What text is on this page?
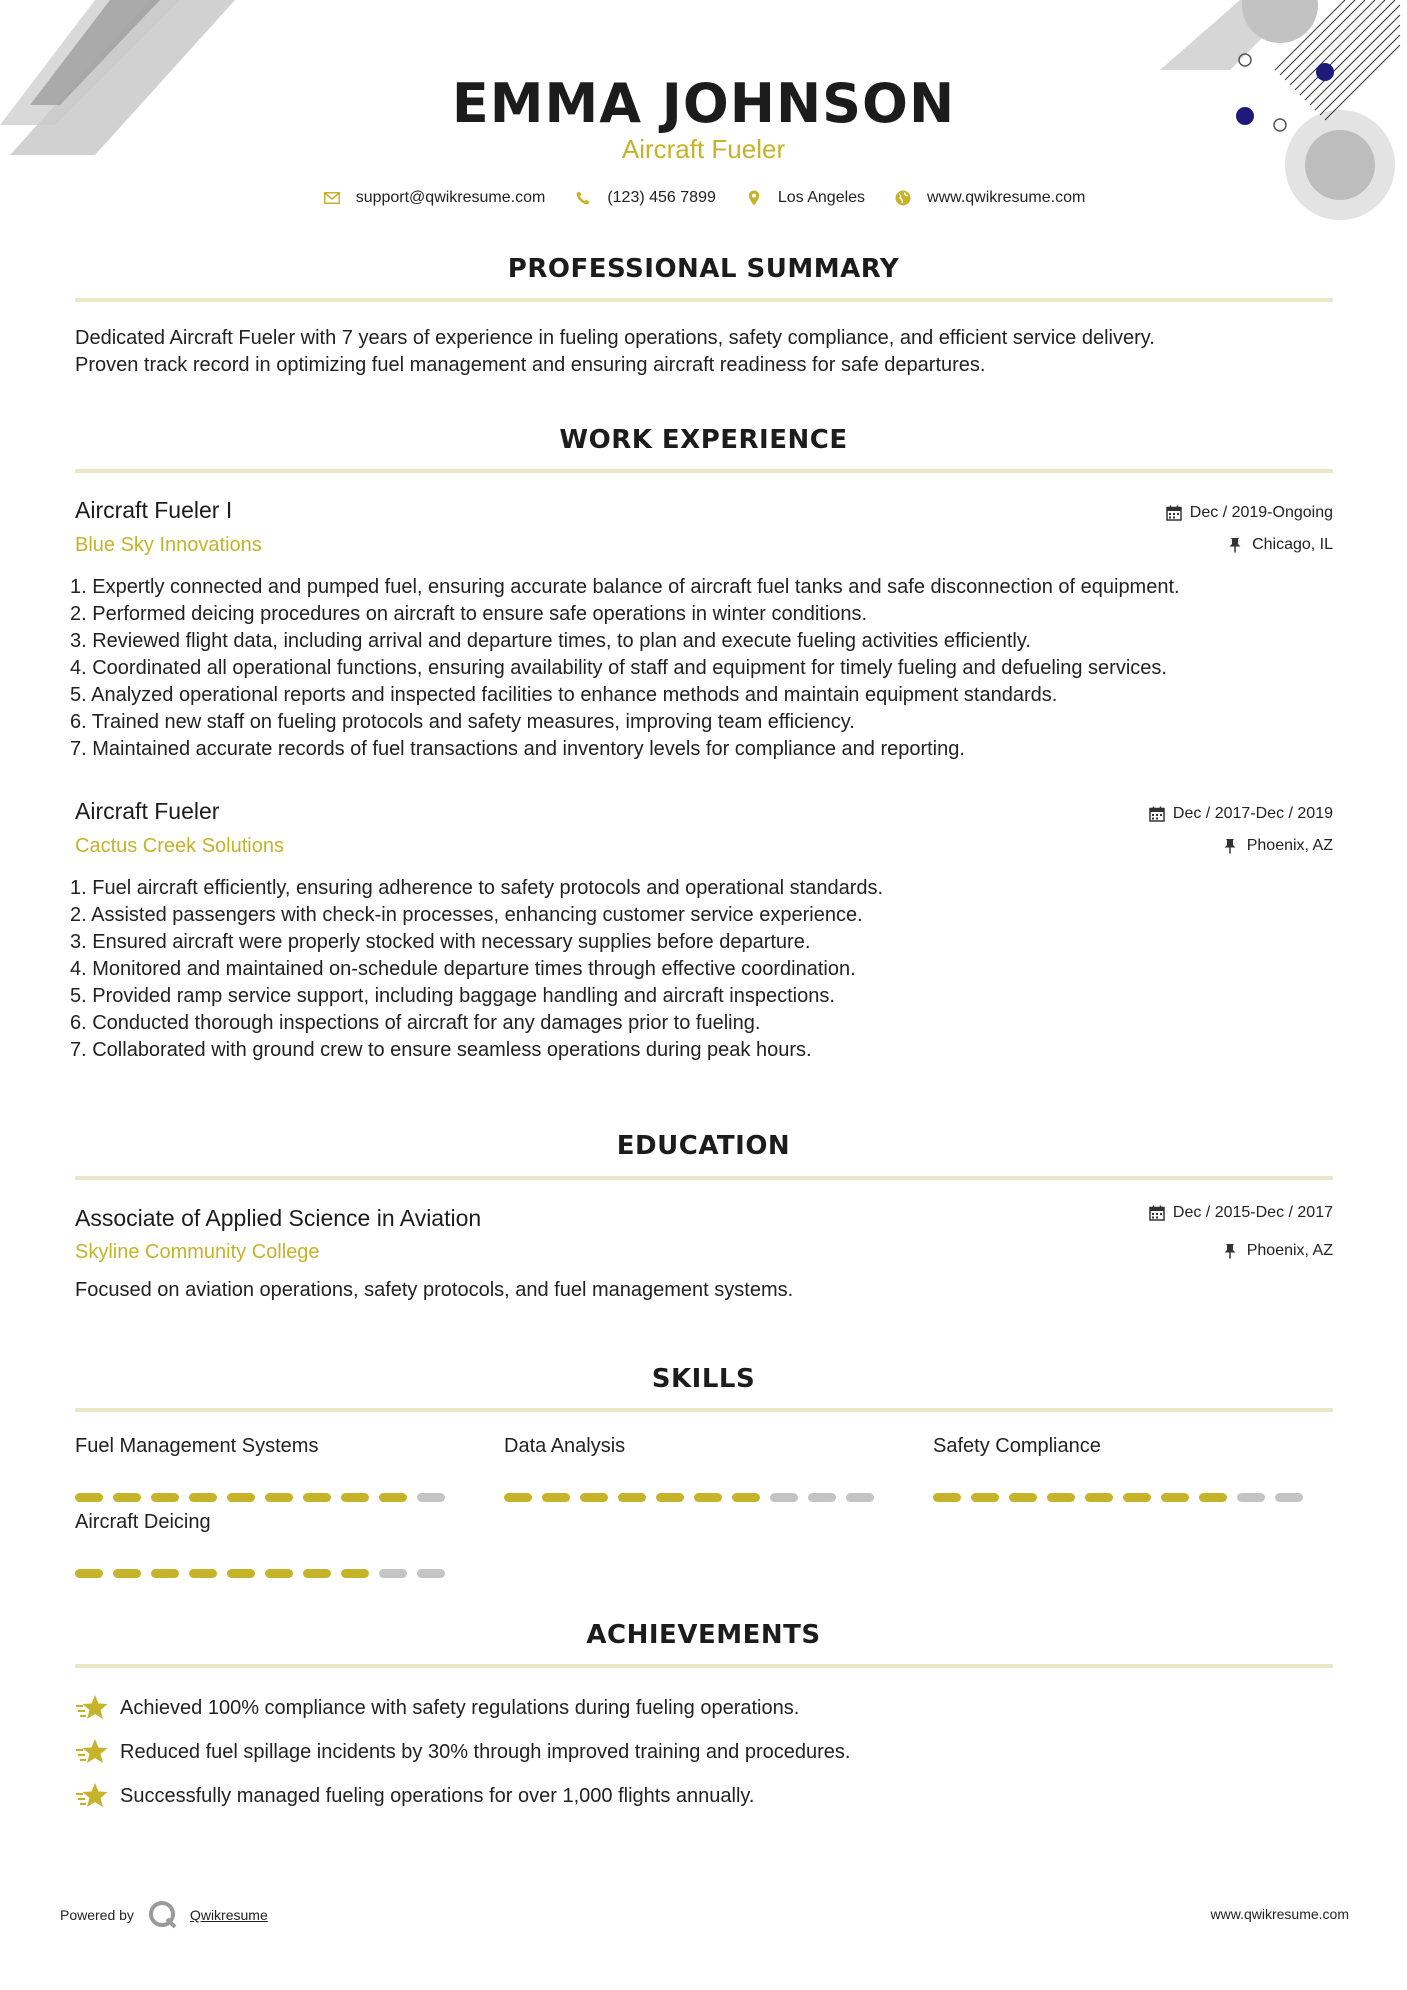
EMMA JOHNSON
Aircraft Fueler
support@qwikresume.com	(123) 456 7899	Los Angeles	www.qwikresume.com
PROFESSIONAL SUMMARY
Dedicated Aircraft Fueler with 7 years of experience in fueling operations, safety compliance, and efficient service delivery.
Proven track record in optimizing fuel management and ensuring aircraft readiness for safe departures.
WORK EXPERIENCE
Aircraft Fueler I
Blue Sky Innovations
Dec / 2019-Ongoing
Chicago, IL
1. Expertly connected and pumped fuel, ensuring accurate balance of aircraft fuel tanks and safe disconnection of equipment.
2. Performed deicing procedures on aircraft to ensure safe operations in winter conditions.
3. Reviewed flight data, including arrival and departure times, to plan and execute fueling activities efficiently.
4. Coordinated all operational functions, ensuring availability of staff and equipment for timely fueling and defueling services.
5. Analyzed operational reports and inspected facilities to enhance methods and maintain equipment standards.
6. Trained new staff on fueling protocols and safety measures, improving team efficiency.
7. Maintained accurate records of fuel transactions and inventory levels for compliance and reporting.
Aircraft Fueler
Cactus Creek Solutions
Dec / 2017-Dec / 2019
Phoenix, AZ
1. Fuel aircraft efficiently, ensuring adherence to safety protocols and operational standards.
2. Assisted passengers with check-in processes, enhancing customer service experience.
3. Ensured aircraft were properly stocked with necessary supplies before departure.
4. Monitored and maintained on-schedule departure times through effective coordination.
5. Provided ramp service support, including baggage handling and aircraft inspections.
6. Conducted thorough inspections of aircraft for any damages prior to fueling.
7. Collaborated with ground crew to ensure seamless operations during peak hours.
EDUCATION
Associate of Applied Science in Aviation
Skyline Community College
Dec / 2015-Dec / 2017
Phoenix, AZ
Focused on aviation operations, safety protocols, and fuel management systems.
SKILLS
Fuel Management Systems	Data Analysis	Safety Compliance
Aircraft Deicing
ACHIEVEMENTS
Achieved 100% compliance with safety regulations during fueling operations.
Reduced fuel spillage incidents by 30% through improved training and procedures.
Successfully managed fueling operations for over 1,000 flights annually.
Powered by	Qwikresume	www.qwikresume.com
